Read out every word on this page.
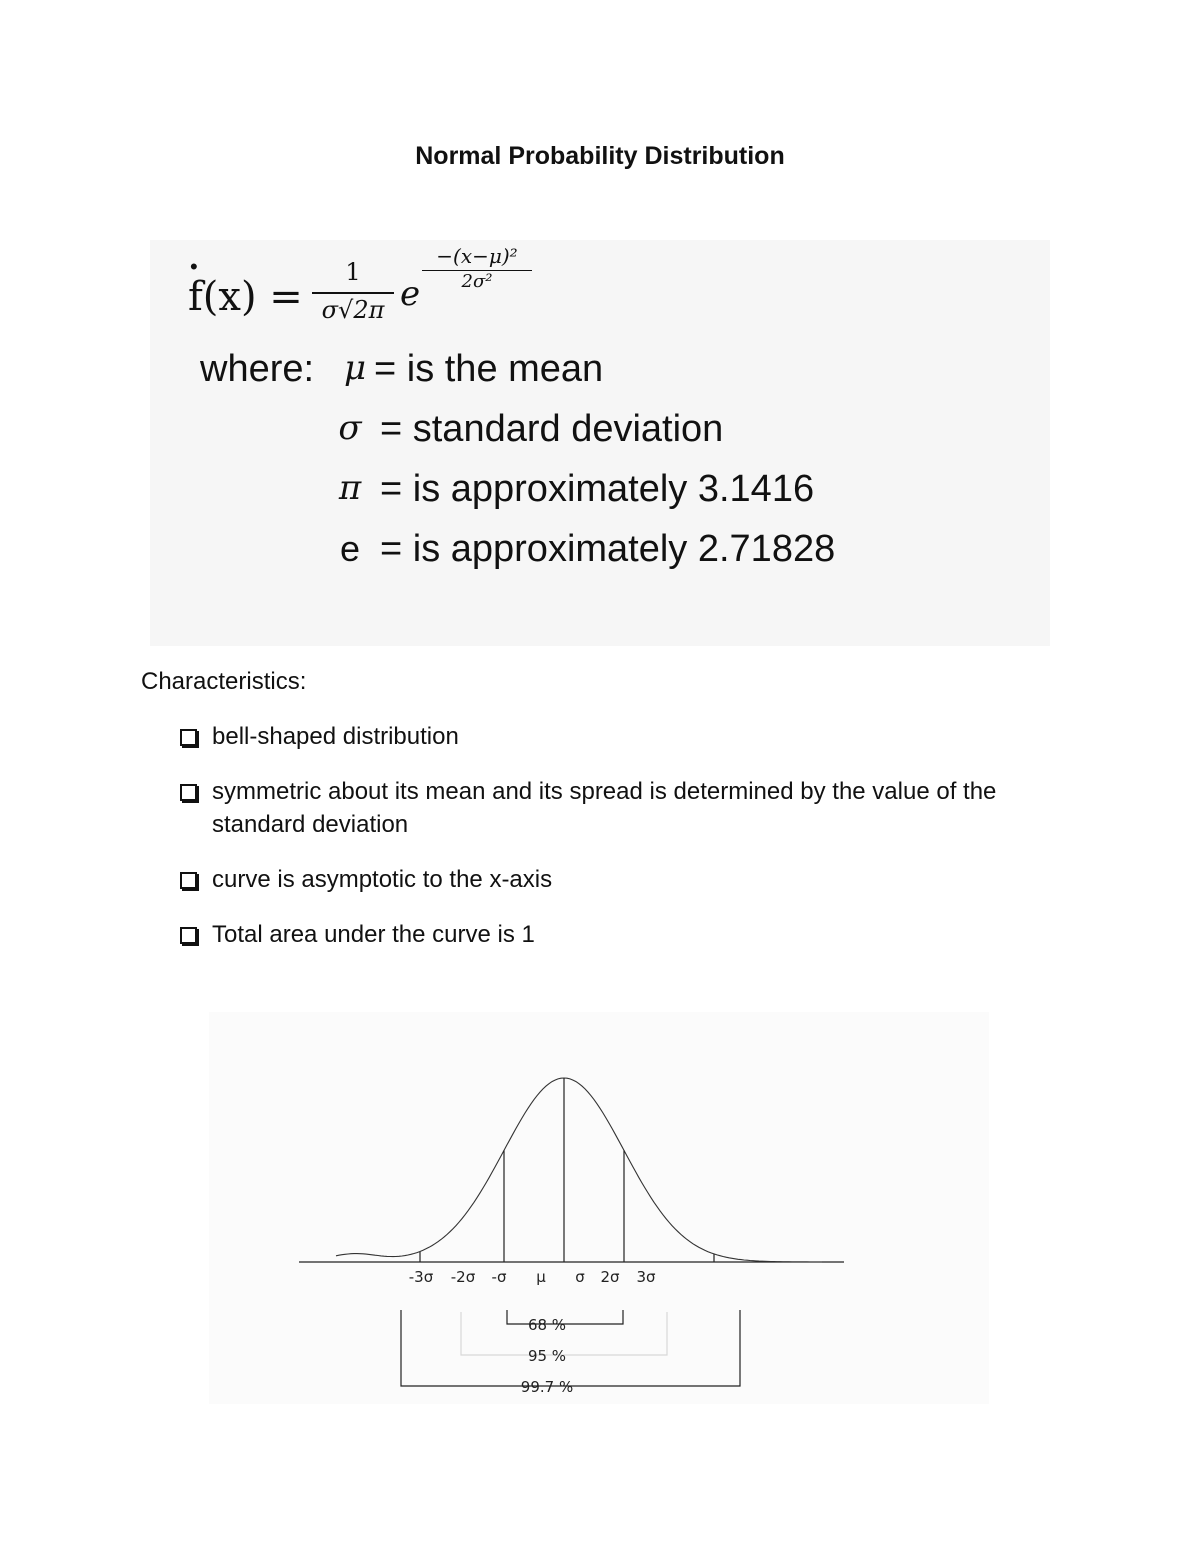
Normal Probability Distribution
•
$f(x) = \frac{1}{\sigma√2\pi}$ e
$\frac{\text{−(x−μ)²}}{\text{2σ²}}$
where: μ = is the mean
σ = standard deviation
π = is approximately 3.1416
e = is approximately 2.71828
Characteristics:
bell-shaped distribution
symmetric about its mean and its spread is determined by the value of the standard deviation
curve is asymptotic to the x-axis
Total area under the curve is 1
-3σ -2σ -σ μ σ 2σ 3σ
68 %
95 %
99.7 %
